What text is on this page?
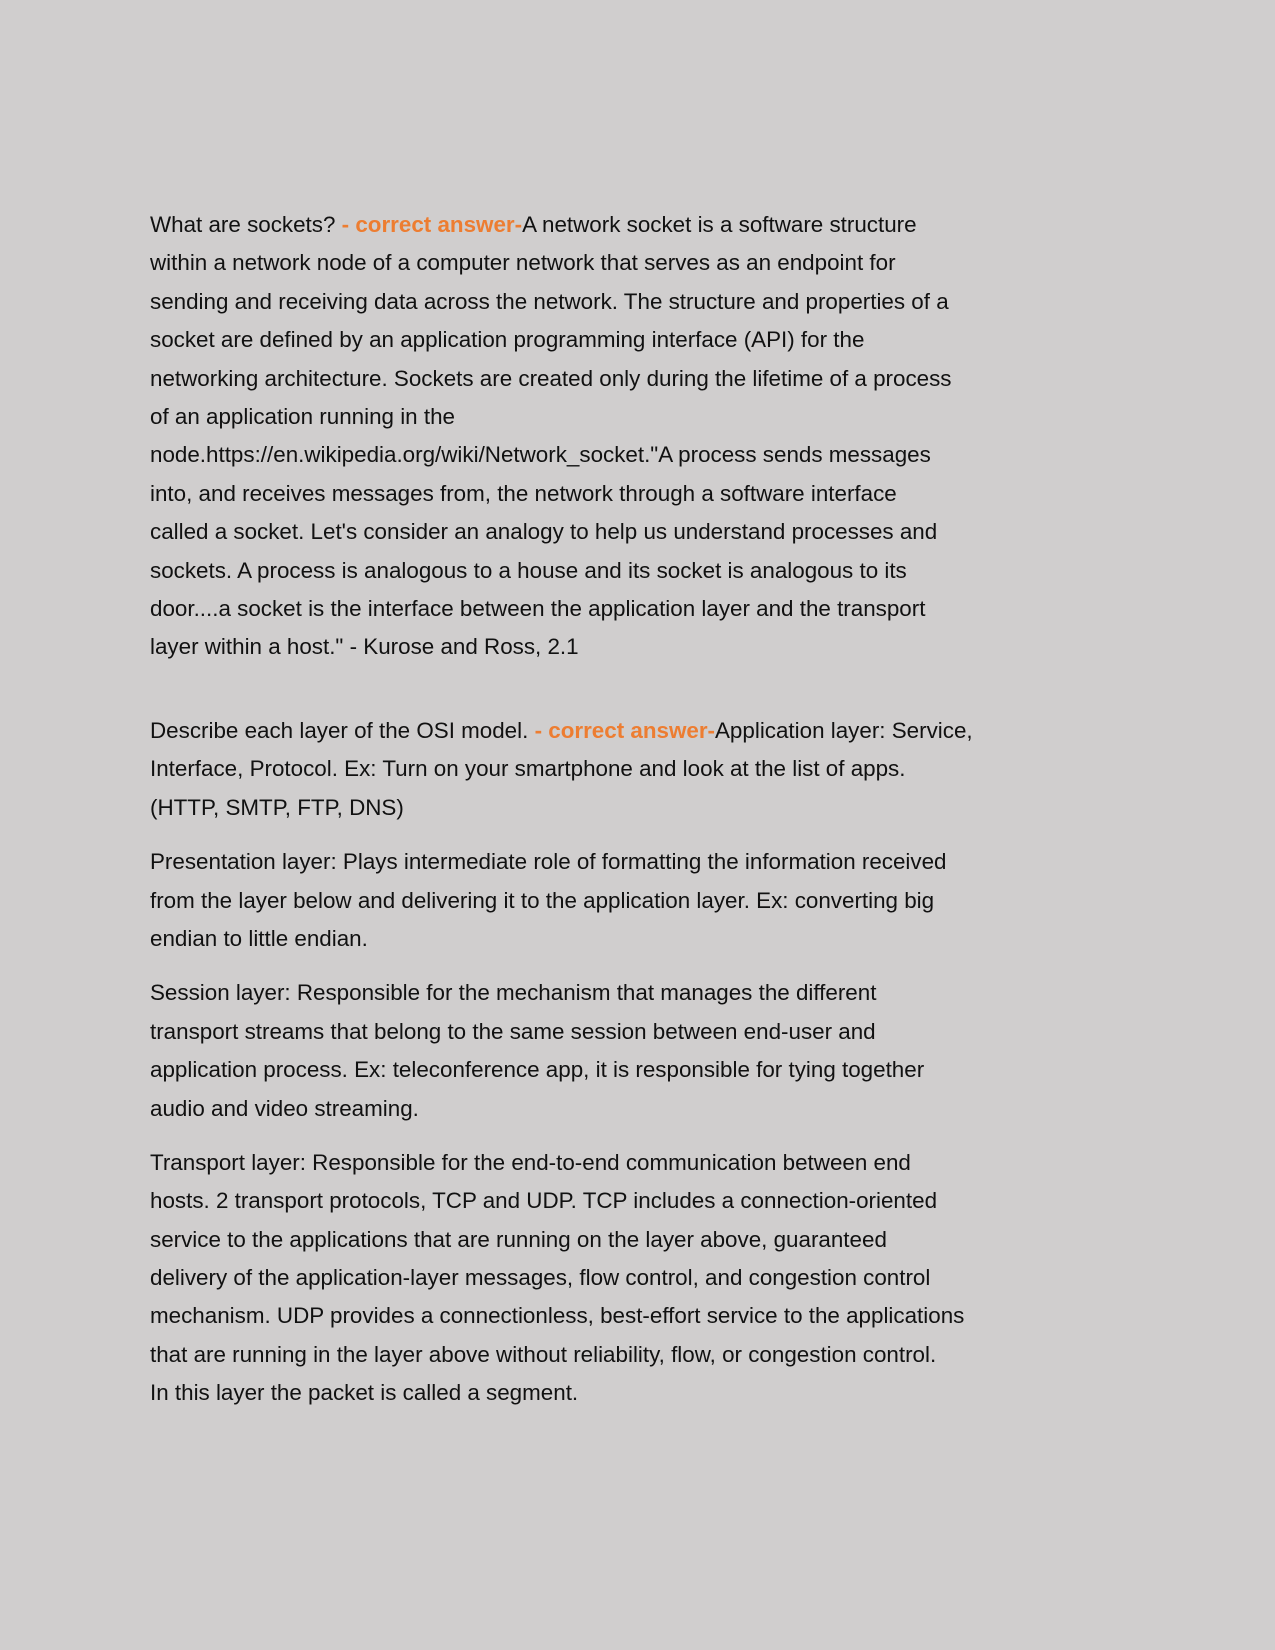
What are sockets? - correct answer-A network socket is a software structure
within a network node of a computer network that serves as an endpoint for
sending and receiving data across the network. The structure and properties of a
socket are defined by an application programming interface (API) for the
networking architecture. Sockets are created only during the lifetime of a process
of an application running in the
node.https://en.wikipedia.org/wiki/Network_socket."A process sends messages
into, and receives messages from, the network through a software interface
called a socket. Let's consider an analogy to help us understand processes and
sockets. A process is analogous to a house and its socket is analogous to its
door....a socket is the interface between the application layer and the transport
layer within a host." - Kurose and Ross, 2.1
Describe each layer of the OSI model. - correct answer-Application layer: Service,
Interface, Protocol. Ex: Turn on your smartphone and look at the list of apps.
(HTTP, SMTP, FTP, DNS)
Presentation layer: Plays intermediate role of formatting the information received
from the layer below and delivering it to the application layer. Ex: converting big
endian to little endian.
Session layer: Responsible for the mechanism that manages the different
transport streams that belong to the same session between end-user and
application process. Ex: teleconference app, it is responsible for tying together
audio and video streaming.
Transport layer: Responsible for the end-to-end communication between end
hosts. 2 transport protocols, TCP and UDP. TCP includes a connection-oriented
service to the applications that are running on the layer above, guaranteed
delivery of the application-layer messages, flow control, and congestion control
mechanism. UDP provides a connectionless, best-effort service to the applications
that are running in the layer above without reliability, flow, or congestion control.
In this layer the packet is called a segment.
